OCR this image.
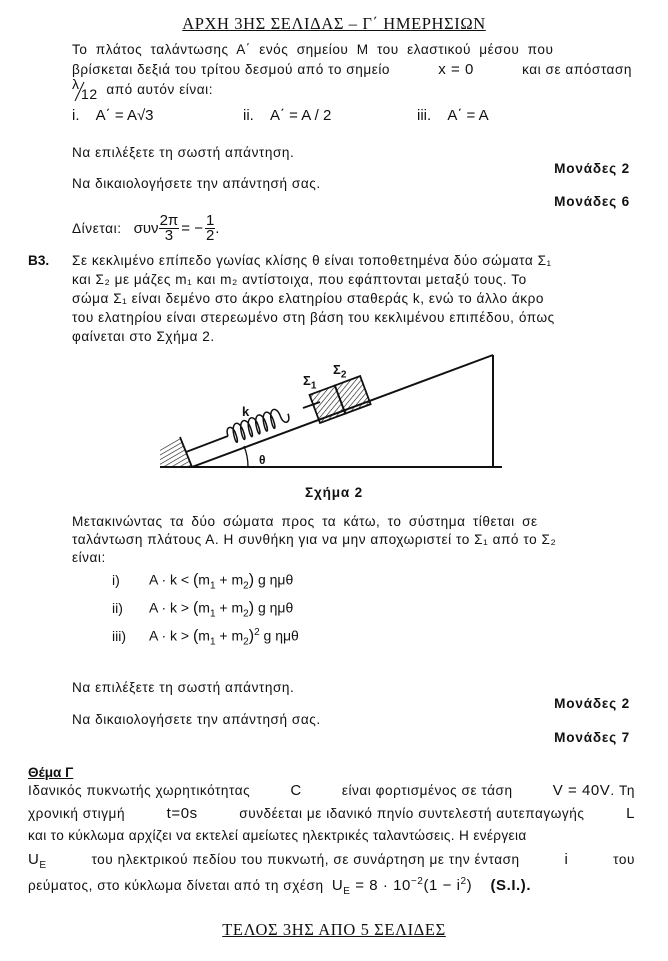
ΑΡΧΗ 3ΗΣ ΣΕΛΙΔΑΣ – Γ΄ ΗΜΕΡΗΣΙΩΝ
Το πλάτος ταλάντωσης Α΄ ενός σημείου Μ του ελαστικού μέσου που
βρίσκεται δεξιά του τρίτου δεσμού από το σημείο	x = 0	και σε απόσταση
λ
12 από αυτόν είναι:
i. Α΄ = Α√3	ii. Α΄ = Α / 2	iii. Α΄ = Α
Να επιλέξετε τη σωστή απάντηση.
Μονάδες 2
Να δικαιολογήσετε την απάντησή σας.
Μονάδες 6
Δίνεται: συν $\frac{2\pi}{3}$ = − $\frac{1}{2}$ .
Β3. Σε κεκλιμένο επίπεδο γωνίας κλίσης θ είναι τοποθετημένα δύο σώματα Σ₁
και Σ₂ με μάζες m₁ και m₂ αντίστοιχα, που εφάπτονται μεταξύ τους. Το
σώμα Σ₁ είναι δεμένο στο άκρο ελατηρίου σταθεράς k, ενώ το άλλο άκρο
του ελατηρίου είναι στερεωμένο στη βάση του κεκλιμένου επιπέδου, όπως
φαίνεται στο Σχήμα 2.
k
$\Sigma_1$
$\Sigma_2$
θ
Σχήμα 2
Μετακινώντας τα δύο σώματα προς τα κάτω, το σύστημα τίθεται σε
ταλάντωση πλάτους Α. Η συνθήκη για να μην αποχωριστεί το Σ₁ από το Σ₂
είναι:
i) $A \cdot k < (m_1 + m_2)$ g ημθ
ii) $A \cdot k > (m_1 + m_2)$ g ημθ
iii) $A \cdot k > (m_1 + m_2)^2$ g ημθ
Να επιλέξετε τη σωστή απάντηση.
Μονάδες 2
Να δικαιολογήσετε την απάντησή σας.
Μονάδες 7
Θέμα Γ
Ιδανικός πυκνωτής χωρητικότητας	C	είναι φορτισμένος σε τάση	V = 40V. Τη
χρονική στιγμή	t=0s	συνδέεται με ιδανικό πηνίο συντελεστή αυτεπαγωγής	L
και το κύκλωμα αρχίζει να εκτελεί αμείωτες ηλεκτρικές ταλαντώσεις. Η ενέργεια
$U_E$	του ηλεκτρικού πεδίου του πυκνωτή, σε συνάρτηση με την ένταση	i	του
ρεύματος, στο κύκλωμα δίνεται από τη σχέση $U_E = 8 \cdot 10^{-2}(1 - i^2)$ (S.I.).
ΤΕΛΟΣ 3ΗΣ ΑΠΟ 5 ΣΕΛΙΔΕΣ
